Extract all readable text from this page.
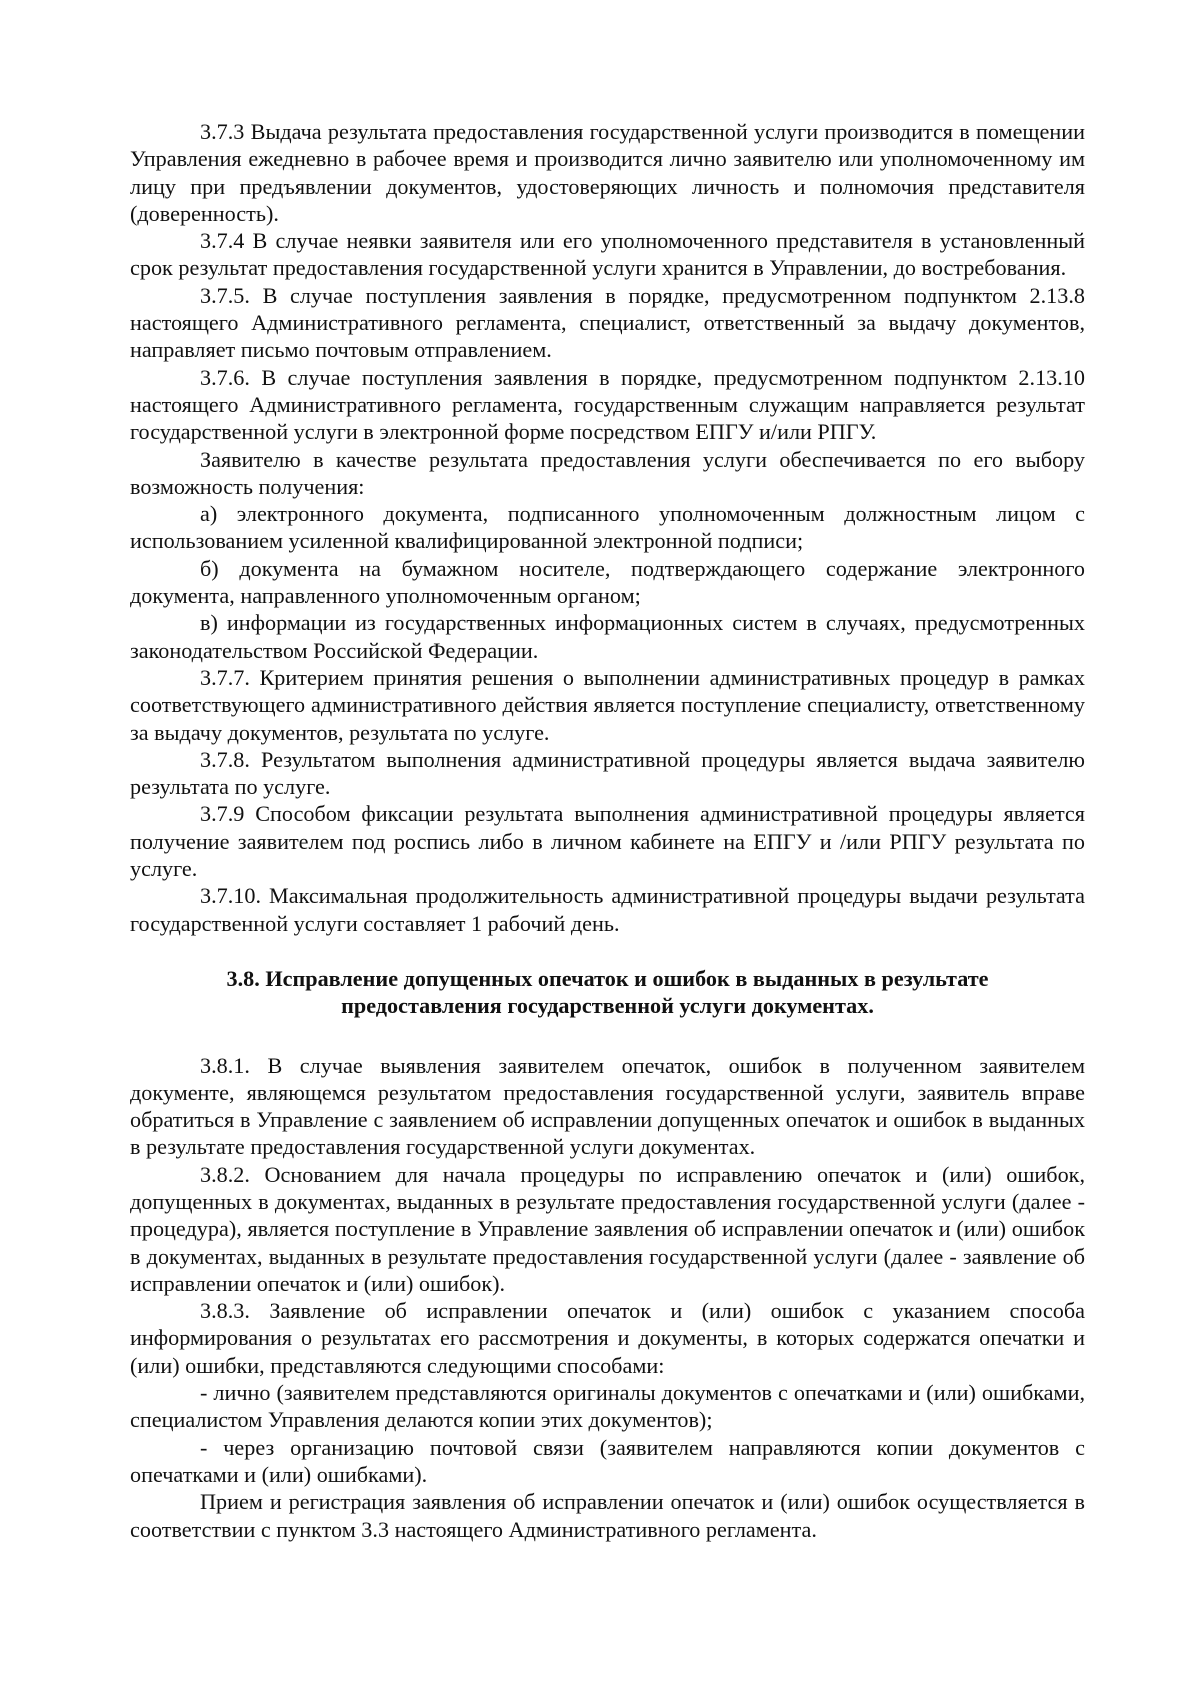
3.7.3 Выдача результата предоставления государственной услуги производится в помещении Управления ежедневно в рабочее время и производится лично заявителю или уполномоченному им лицу при предъявлении документов, удостоверяющих личность и полномочия представителя (доверенность).

3.7.4 В случае неявки заявителя или его уполномоченного представителя в установленный срок результат предоставления государственной услуги хранится в Управлении, до востребования.

3.7.5. В случае поступления заявления в порядке, предусмотренном подпунктом 2.13.8 настоящего Административного регламента, специалист, ответственный за выдачу документов, направляет письмо почтовым отправлением.

3.7.6. В случае поступления заявления в порядке, предусмотренном подпунктом 2.13.10 настоящего Административного регламента, государственным служащим направляется результат государственной услуги в электронной форме посредством ЕПГУ и/или РПГУ.

Заявителю в качестве результата предоставления услуги обеспечивается по его выбору возможность получения:

а) электронного документа, подписанного уполномоченным должностным лицом с использованием усиленной квалифицированной электронной подписи;

б) документа на бумажном носителе, подтверждающего содержание электронного документа, направленного уполномоченным органом;

в) информации из государственных информационных систем в случаях, предусмотренных законодательством Российской Федерации.

3.7.7. Критерием принятия решения о выполнении административных процедур в рамках соответствующего административного действия является поступление специалисту, ответственному за выдачу документов, результата по услуге.

3.7.8. Результатом выполнения административной процедуры является выдача заявителю результата по услуге.

3.7.9 Способом фиксации результата выполнения административной процедуры является получение заявителем под роспись либо в личном кабинете на ЕПГУ и /или РПГУ результата по услуге.

3.7.10. Максимальная продолжительность административной процедуры выдачи результата государственной услуги составляет 1 рабочий день.

3.8. Исправление допущенных опечаток и ошибок в выданных в результате предоставления государственной услуги документах.

3.8.1. В случае выявления заявителем опечаток, ошибок в полученном заявителем документе, являющемся результатом предоставления государственной услуги, заявитель вправе обратиться в Управление с заявлением об исправлении допущенных опечаток и ошибок в выданных в результате предоставления государственной услуги документах.

3.8.2. Основанием для начала процедуры по исправлению опечаток и (или) ошибок, допущенных в документах, выданных в результате предоставления государственной услуги (далее - процедура), является поступление в Управление заявления об исправлении опечаток и (или) ошибок в документах, выданных в результате предоставления государственной услуги (далее - заявление об исправлении опечаток и (или) ошибок).

3.8.3. Заявление об исправлении опечаток и (или) ошибок с указанием способа информирования о результатах его рассмотрения и документы, в которых содержатся опечатки и (или) ошибки, представляются следующими способами:

- лично (заявителем представляются оригиналы документов с опечатками и (или) ошибками, специалистом Управления делаются копии этих документов);

- через организацию почтовой связи (заявителем направляются копии документов с опечатками и (или) ошибками).

Прием и регистрация заявления об исправлении опечаток и (или) ошибок осуществляется в соответствии с пунктом 3.3 настоящего Административного регламента.
